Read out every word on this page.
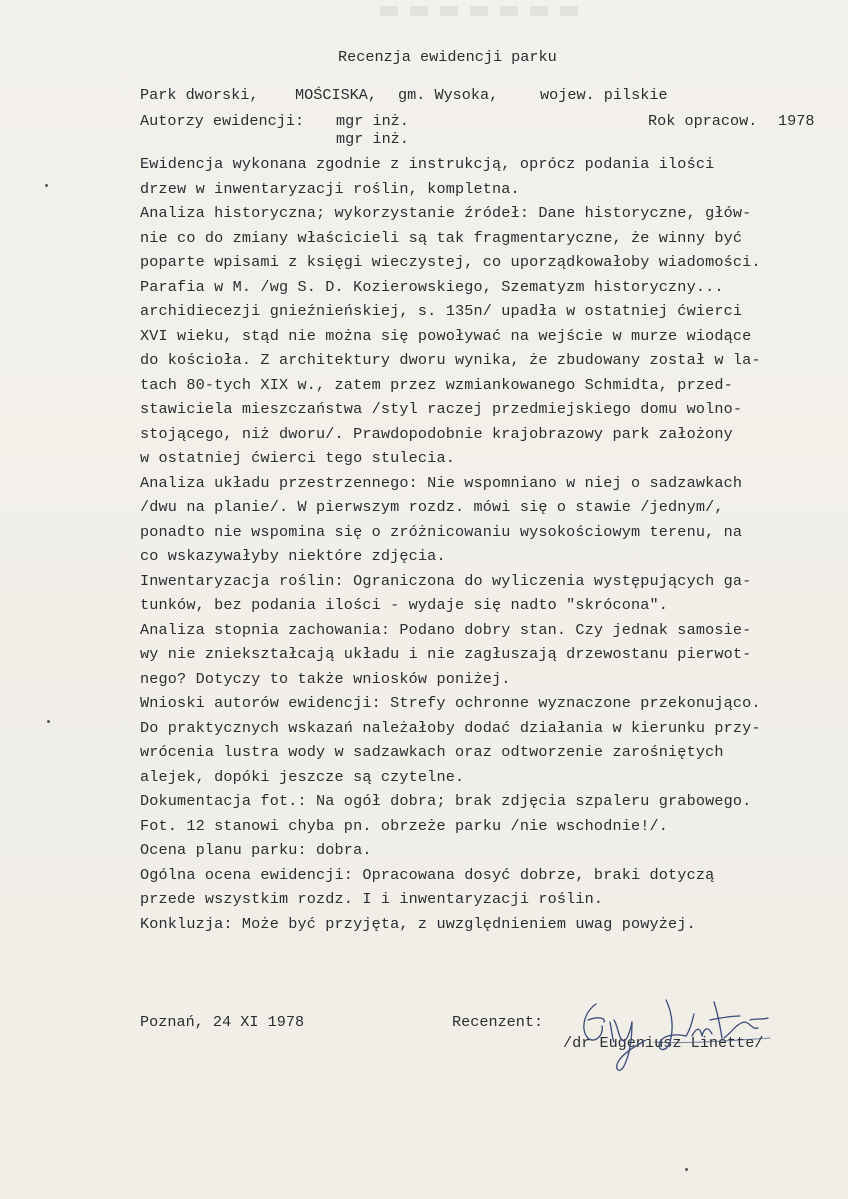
Recenzja ewidencji parku
Park dworski, MOŚCISKA, gm. Wysoka,	wojew. pilskie
Autorzy ewidencji: mgr inż.
mgr inż.
Rok opracow. 1978
Ewidencja wykonana zgodnie z instrukcją, oprócz podania ilości
drzew w inwentaryzacji roślin, kompletna.
Analiza historyczna; wykorzystanie źródeł: Dane historyczne, głów-
nie co do zmiany właścicieli są tak fragmentaryczne, że winny być
poparte wpisami z księgi wieczystej, co uporządkowałoby wiadomości.
Parafia w M. /wg S. D. Kozierowskiego, Szematyzm historyczny...
archidiecezji gnieźnieńskiej, s. 135n/ upadła w ostatniej ćwierci
XVI wieku, stąd nie można się powoływać na wejście w murze wiodące
do kościoła. Z architektury dworu wynika, że zbudowany został w la-
tach 80-tych XIX w., zatem przez wzmiankowanego Schmidta, przed-
stawiciela mieszczaństwa /styl raczej przedmiejskiego domu wolno-
stojącego, niż dworu/. Prawdopodobnie krajobrazowy park założony
w ostatniej ćwierci tego stulecia.
Analiza układu przestrzennego: Nie wspomniano w niej o sadzawkach
/dwu na planie/. W pierwszym rozdz. mówi się o stawie /jednym/,
ponadto nie wspomina się o zróżnicowaniu wysokościowym terenu, na
co wskazywałyby niektóre zdjęcia.
Inwentaryzacja roślin: Ograniczona do wyliczenia występujących ga-
tunków, bez podania ilości - wydaje się nadto "skrócona".
Analiza stopnia zachowania: Podano dobry stan. Czy jednak samosie-
wy nie zniekształcają układu i nie zagłuszają drzewostanu pierwot-
nego? Dotyczy to także wniosków poniżej.
Wnioski autorów ewidencji: Strefy ochronne wyznaczone przekonująco.
Do praktycznych wskazań należałoby dodać działania w kierunku przy-
wrócenia lustra wody w sadzawkach oraz odtworzenie zarośniętych
alejek, dopóki jeszcze są czytelne.
Dokumentacja fot.: Na ogół dobra; brak zdjęcia szpaleru grabowego.
Fot. 12 stanowi chyba pn. obrzeże parku /nie wschodnie!/.
Ocena planu parku: dobra.
Ogólna ocena ewidencji: Opracowana dosyć dobrze, braki dotyczą
przede wszystkim rozdz. I i inwentaryzacji roślin.
Konkluzja: Może być przyjęta, z uwzględnieniem uwag powyżej.
Poznań, 24 XI 1978	Recenzent:
/dr Eugeniusz Linette/
